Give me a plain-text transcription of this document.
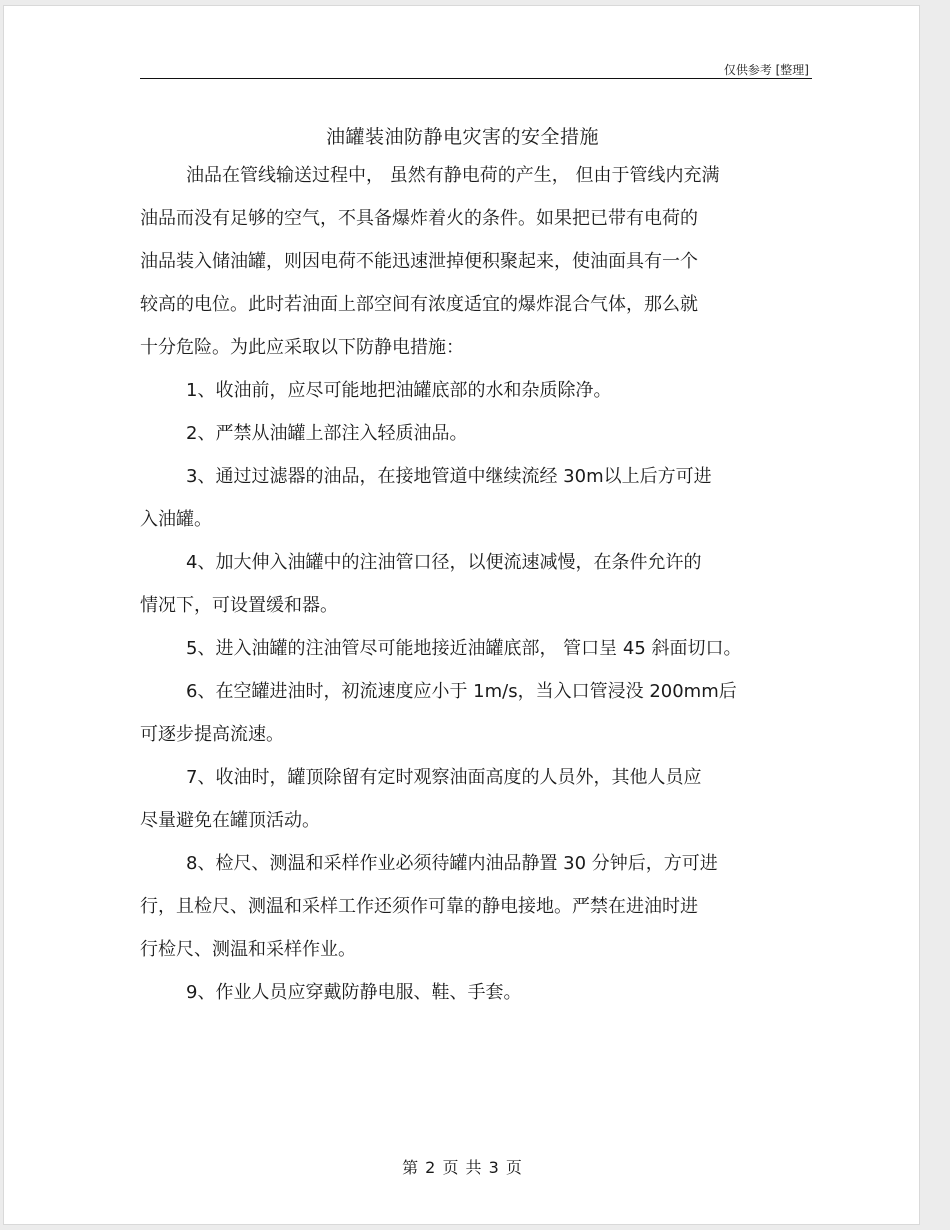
仅供参考 [整理]
油罐装油防静电灾害的安全措施
油品在管线输送过程中， 虽然有静电荷的产生， 但由于管线内充满
油品而没有足够的空气，不具备爆炸着火的条件。如果把已带有电荷的
油品装入储油罐，则因电荷不能迅速泄掉便积聚起来，使油面具有一个
较高的电位。此时若油面上部空间有浓度适宜的爆炸混合气体，那么就
十分危险。为此应采取以下防静电措施：
1、收油前，应尽可能地把油罐底部的水和杂质除净。
2、严禁从油罐上部注入轻质油品。
3、通过过滤器的油品，在接地管道中继续流经 30m以上后方可进
入油罐。
4、加大伸入油罐中的注油管口径，以便流速减慢，在条件允许的
情况下，可设置缓和器。
5、进入油罐的注油管尽可能地接近油罐底部， 管口呈 45 斜面切口。
6、在空罐进油时，初流速度应小于 1m/s，当入口管浸没 200mm后
可逐步提高流速。
7、收油时，罐顶除留有定时观察油面高度的人员外，其他人员应
尽量避免在罐顶活动。
8、检尺、测温和采样作业必须待罐内油品静置 30 分钟后，方可进
行，且检尺、测温和采样工作还须作可靠的静电接地。严禁在进油时进
行检尺、测温和采样作业。
9、作业人员应穿戴防静电服、鞋、手套。
第 2 页 共 3 页
